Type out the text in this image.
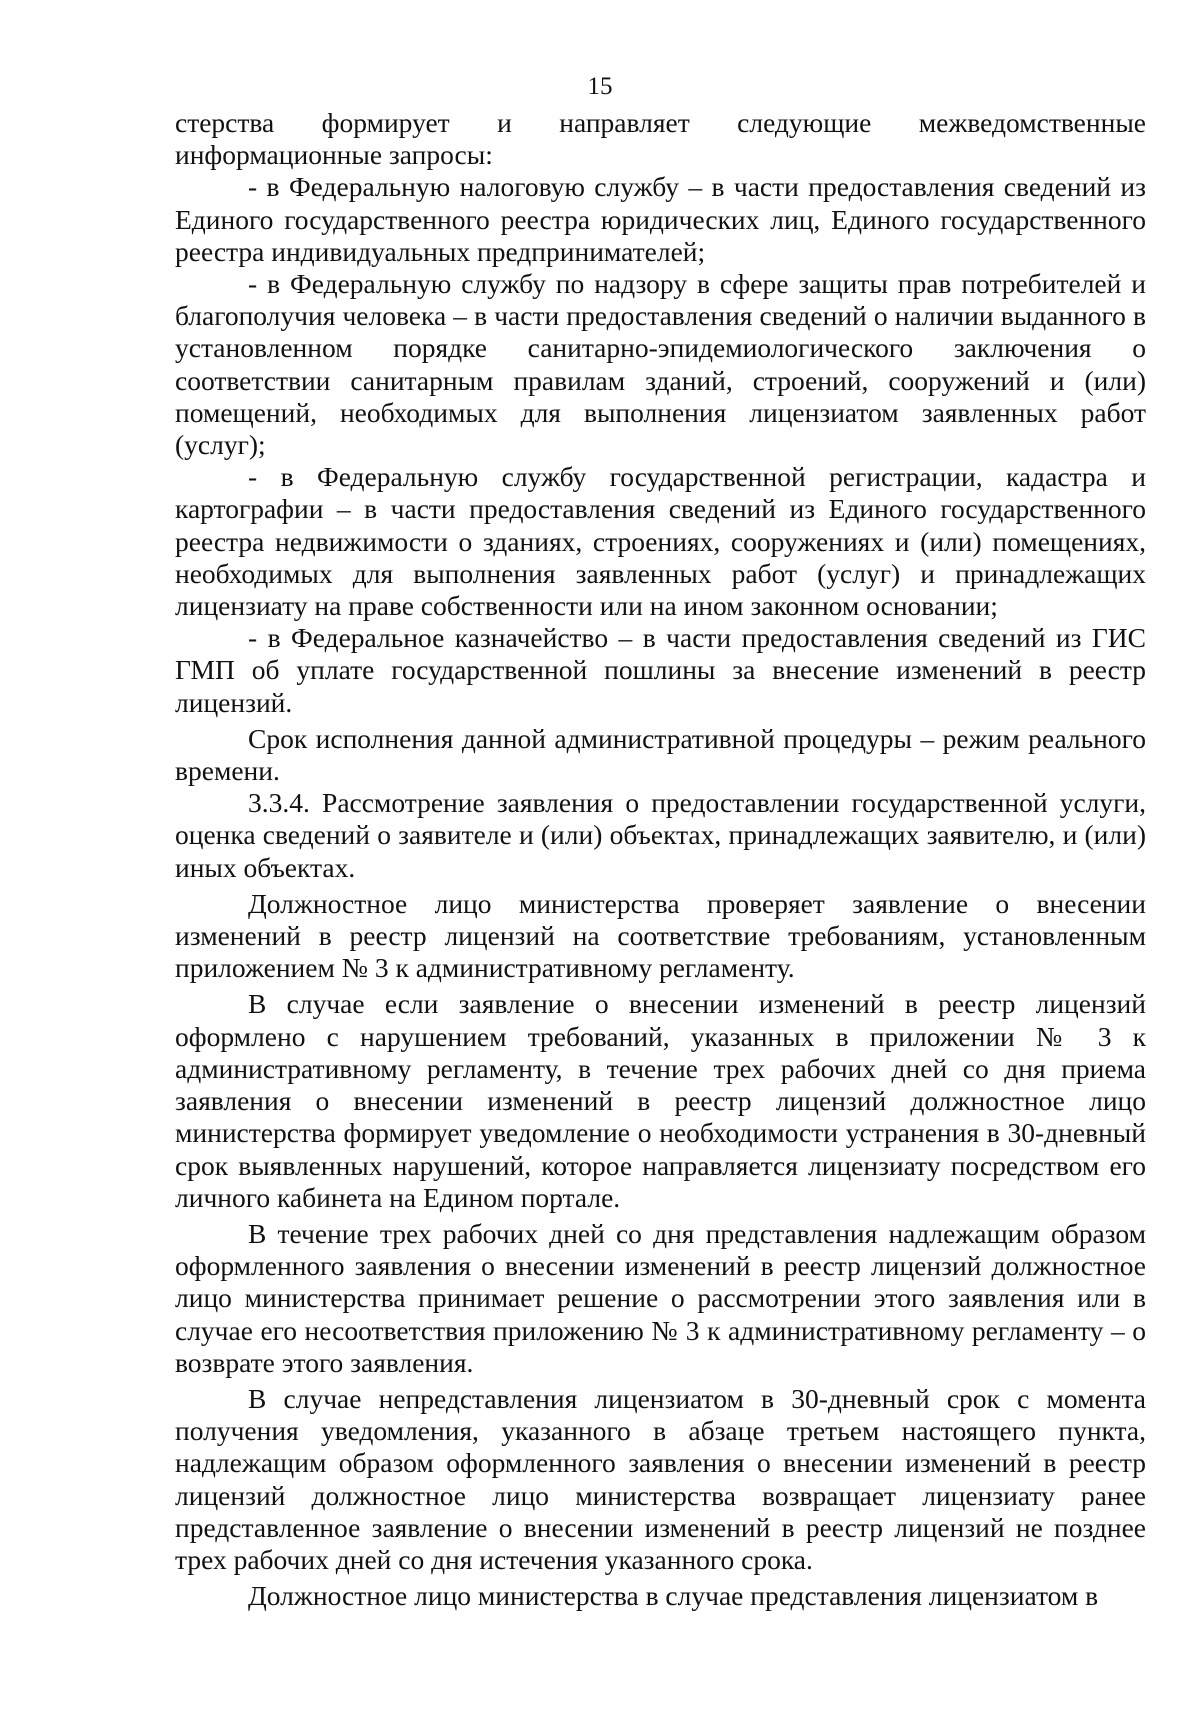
15

стерства формирует и направляет следующие межведомственные информационные запросы:

- в Федеральную налоговую службу – в части предоставления сведений из Единого государственного реестра юридических лиц, Единого государственного реестра индивидуальных предпринимателей;

- в Федеральную службу по надзору в сфере защиты прав потребителей и благополучия человека – в части предоставления сведений о наличии выданного в установленном порядке санитарно-эпидемиологического заключения о соответствии санитарным правилам зданий, строений, сооружений и (или) помещений, необходимых для выполнения лицензиатом заявленных работ (услуг);

- в Федеральную службу государственной регистрации, кадастра и картографии – в части предоставления сведений из Единого государственного реестра недвижимости о зданиях, строениях, сооружениях и (или) помещениях, необходимых для выполнения заявленных работ (услуг) и принадлежащих лицензиату на праве собственности или на ином законном основании;

- в Федеральное казначейство – в части предоставления сведений из ГИС ГМП об уплате государственной пошлины за внесение изменений в реестр лицензий.

Срок исполнения данной административной процедуры – режим реального времени.

3.3.4. Рассмотрение заявления о предоставлении государственной услуги, оценка сведений о заявителе и (или) объектах, принадлежащих заявителю, и (или) иных объектах.

Должностное лицо министерства проверяет заявление о внесении изменений в реестр лицензий на соответствие требованиям, установленным приложением № 3 к административному регламенту.

В случае если заявление о внесении изменений в реестр лицензий оформлено с нарушением требований, указанных в приложении № 3 к административному регламенту, в течение трех рабочих дней со дня приема заявления о внесении изменений в реестр лицензий должностное лицо министерства формирует уведомление о необходимости устранения в 30-дневный срок выявленных нарушений, которое направляется лицензиату посредством его личного кабинета на Едином портале.

В течение трех рабочих дней со дня представления надлежащим образом оформленного заявления о внесении изменений в реестр лицензий должностное лицо министерства принимает решение о рассмотрении этого заявления или в случае его несоответствия приложению № 3 к административному регламенту – о возврате этого заявления.

В случае непредставления лицензиатом в 30-дневный срок с момента получения уведомления, указанного в абзаце третьем настоящего пункта, надлежащим образом оформленного заявления о внесении изменений в реестр лицензий должностное лицо министерства возвращает лицензиату ранее представленное заявление о внесении изменений в реестр лицензий не позднее трех рабочих дней со дня истечения указанного срока.

Должностное лицо министерства в случае представления лицензиатом в
